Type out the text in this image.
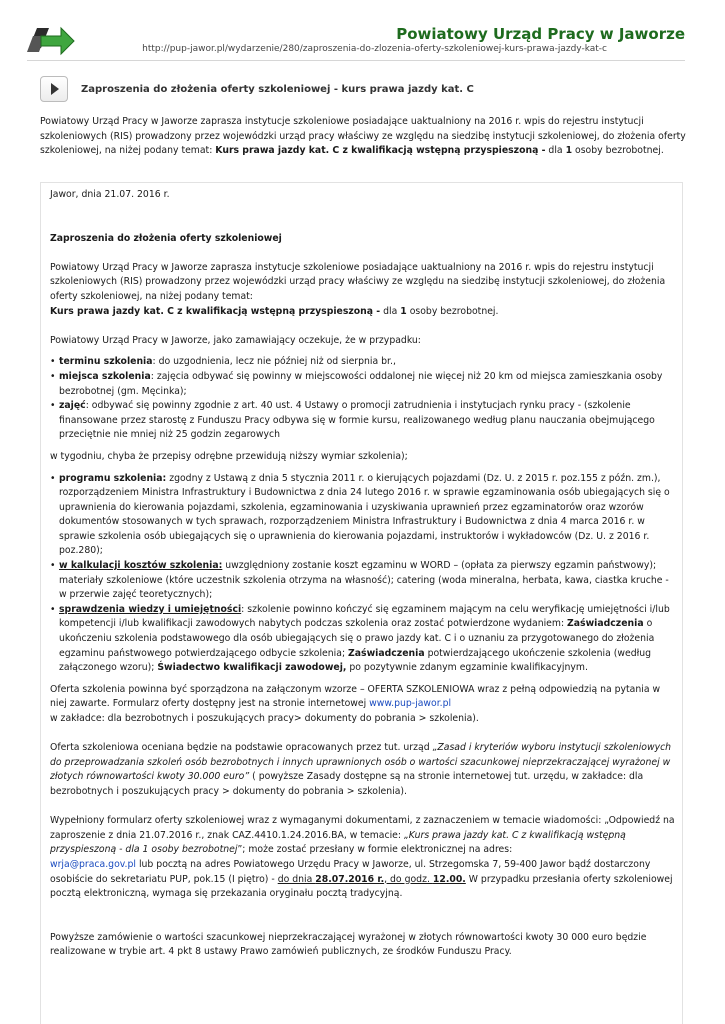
Powiatowy Urząd Pracy w Jaworze
http://pup-jawor.pl/wydarzenie/280/zaproszenia-do-zlozenia-oferty-szkoleniowej-kurs-prawa-jazdy-kat-c
Zaproszenia do złożenia oferty szkoleniowej - kurs prawa jazdy kat. C
Powiatowy Urząd Pracy w Jaworze zaprasza instytucje szkoleniowe posiadające uaktualniony na 2016 r. wpis do rejestru instytucji szkoleniowych (RIS) prowadzony przez wojewódzki urząd pracy właściwy ze względu na siedzibę instytucji szkoleniowej, do złożenia oferty szkoleniowej, na niżej podany temat: Kurs prawa jazdy kat. C z kwalifikacją wstępną przyspieszoną - dla 1 osoby bezrobotnej.

Jawor, dnia 21.07. 2016 r.

Zaproszenia do złożenia oferty szkoleniowej

Powiatowy Urząd Pracy w Jaworze zaprasza instytucje szkoleniowe posiadające uaktualniony na 2016 r. wpis do rejestru instytucji szkoleniowych (RIS) prowadzony przez wojewódzki urząd pracy właściwy ze względu na siedzibę instytucji szkoleniowej, do złożenia oferty szkoleniowej, na niżej podany temat:
Kurs prawa jazdy kat. C z kwalifikacją wstępną przyspieszoną - dla 1 osoby bezrobotnej.

Powiatowy Urząd Pracy w Jaworze, jako zamawiający oczekuje, że w przypadku:

• terminu szkolenia: do uzgodnienia, lecz nie później niż od sierpnia br.,
• miejsca szkolenia: zajęcia odbywać się powinny w miejscowości oddalonej nie więcej niż 20 km od miejsca zamieszkania osoby bezrobotnej (gm. Męcinka);
• zajęć: odbywać się powinny zgodnie z art. 40 ust. 4 Ustawy o promocji zatrudnienia i instytucjach rynku pracy - (szkolenie finansowane przez starostę z Funduszu Pracy odbywa się w formie kursu, realizowanego według planu nauczania obejmującego przeciętnie nie mniej niż 25 godzin zegarowych

w tygodniu, chyba że przepisy odrębne przewidują niższy wymiar szkolenia);

• programu szkolenia: zgodny z Ustawą z dnia 5 stycznia 2011 r. o kierujących pojazdami (Dz. U. z 2015 r. poz.155 z późn. zm.), rozporządzeniem Ministra Infrastruktury i Budownictwa z dnia 24 lutego 2016 r. w sprawie egzaminowania osób ubiegających się o uprawnienia do kierowania pojazdami, szkolenia, egzaminowania i uzyskiwania uprawnień przez egzaminatorów oraz wzorów dokumentów stosowanych w tych sprawach, rozporządzeniem Ministra Infrastruktury i Budownictwa z dnia 4 marca 2016 r. w sprawie szkolenia osób ubiegających się o uprawnienia do kierowania pojazdami, instruktorów i wykładowców (Dz. U. z 2016 r. poz.280);
• w kalkulacji kosztów szkolenia: uwzględniony zostanie koszt egzaminu w WORD – (opłata za pierwszy egzamin państwowy); materiały szkoleniowe (które uczestnik szkolenia otrzyma na własność); catering (woda mineralna, herbata, kawa, ciastka kruche - w przerwie zajęć teoretycznych);
• sprawdzenia wiedzy i umiejętności: szkolenie powinno kończyć się egzaminem mającym na celu weryfikację umiejętności i/lub kompetencji i/lub kwalifikacji zawodowych nabytych podczas szkolenia oraz zostać potwierdzone wydaniem: Zaświadczenia o ukończeniu szkolenia podstawowego dla osób ubiegających się o prawo jazdy kat. C i o uznaniu za przygotowanego do złożenia egzaminu państwowego potwierdzającego odbycie szkolenia; Zaświadczenia potwierdzającego ukończenie szkolenia (według załączonego wzoru); Świadectwo kwalifikacji zawodowej, po pozytywnie zdanym egzaminie kwalifikacyjnym.

Oferta szkolenia powinna być sporządzona na załączonym wzorze – OFERTA SZKOLENIOWA wraz z pełną odpowiedzią na pytania w niej zawarte. Formularz oferty dostępny jest na stronie internetowej www.pup-jawor.pl
w zakładce: dla bezrobotnych i poszukujących pracy> dokumenty do pobrania > szkolenia).

Oferta szkoleniowa oceniana będzie na podstawie opracowanych przez tut. urząd „Zasad i kryteriów wyboru instytucji szkoleniowych do przeprowadzania szkoleń osób bezrobotnych i innych uprawnionych osób o wartości szacunkowej nieprzekraczającej wyrażonej w złotych równowartości kwoty 30.000 euro” ( powyższe Zasady dostępne są na stronie internetowej tut. urzędu, w zakładce: dla bezrobotnych i poszukujących pracy > dokumenty do pobrania > szkolenia).

Wypełniony formularz oferty szkoleniowej wraz z wymaganymi dokumentami, z zaznaczeniem w temacie wiadomości: „Odpowiedź na zaproszenie z dnia 21.07.2016 r., znak CAZ.4410.1.24.2016.BA, w temacie: „Kurs prawa jazdy kat. C z kwalifikacją wstępną przyspieszoną - dla 1 osoby bezrobotnej”; może zostać przesłany w formie elektronicznej na adres:
wrja@praca.gov.pl lub pocztą na adres Powiatowego Urzędu Pracy w Jaworze, ul. Strzegomska 7, 59-400 Jawor bądź dostarczony osobiście do sekretariatu PUP, pok.15 (I piętro) - do dnia 28.07.2016 r., do godz. 12.00. W przypadku przesłania oferty szkoleniowej pocztą elektroniczną, wymaga się przekazania oryginału pocztą tradycyjną.

Powyższe zamówienie o wartości szacunkowej nieprzekraczającej wyrażonej w złotych równowartości kwoty 30 000 euro będzie realizowane w trybie art. 4 pkt 8 ustawy Prawo zamówień publicznych, ze środków Funduszu Pracy.
